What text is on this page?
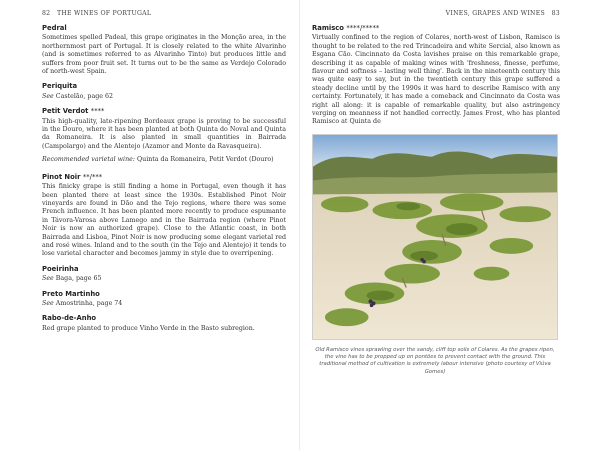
82 THE WINES OF PORTUGAL
Pedral

Sometimes spelled Padeal, this grape originates in the Monção area, in the northernmost part of Portugal. It is closely related to the white Alvarinho (and is sometimes referred to as Alvarinho Tinto) but produces little and suffers from poor fruit set. It turns out to be the same as Verdejo Colorado of north-west Spain.

Periquita

See Castelão, page 62

Petit Verdot ****

This high-quality, late-ripening Bordeaux grape is proving to be successful in the Douro, where it has been planted at both Quinta do Noval and Quinta da Romaneira. It is also planted in small quantities in Bairrada (Campolargo) and the Alentejo (Azamor and Monte da Ravasqueira).

Recommended varietal wine: Quinta da Romaneira, Petit Verdot (Douro)

Pinot Noir **/***

This finicky grape is still finding a home in Portugal, even though it has been planted there at least since the 1930s. Established Pinot Noir vineyards are found in Dão and the Tejo regions, where there was some French influence. It has been planted more recently to produce espumante in Távora-Varosa above Lamego and in the Bairrada region (where Pinot Noir is now an authorized grape). Close to the Atlantic coast, in both Bairrada and Lisboa, Pinot Noir is now producing some elegant varietal red and rosé wines. Inland and to the south (in the Tejo and Alentejo) it tends to lose varietal character and becomes jammy in style due to overripening.

Poeirinha

See Baga, page 65

Preto Martinho

See Amostrinha, page 74

Rabo-de-Anho

Red grape planted to produce Vinho Verde in the Basto subregion.

VINES, GRAPES AND WINES 83
Ramisco ****/*****

Virtually confined to the region of Colares, north-west of Lisbon, Ramisco is thought to be related to the red Trincadeira and white Sercial, also known as Esgana Cão. Cincinnato da Costa lavishes praise on this remarkable grape, describing it as capable of making wines with 'freshness, finesse, perfume, flavour and softness – lasting well thing'. Back in the nineteenth century this was quite easy to say, but in the twentieth century this grape suffered a steady decline until by the 1990s it was hard to describe Ramisco with any certainty. Fortunately, it has made a comeback and Cincinnato da Costa was right all along: it is capable of remarkable quality, but also astringency verging on meanness if not handled correctly. James Frost, who has planted Ramisco at Quinta de

Old Ramisco vines sprawling over the sandy, cliff top soils of Colares. As the grapes ripen, the vine has to be propped up on pontões to prevent contact with the ground. This traditional method of cultivation is extremely labour intensive (photo courtesy of Viúva Gomes)
